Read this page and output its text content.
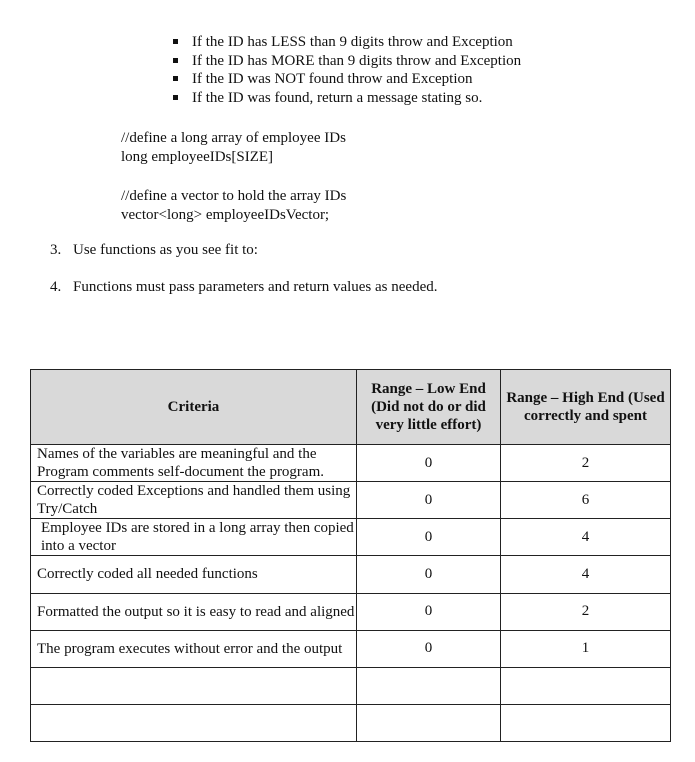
If the ID has LESS than 9 digits throw and Exception
If the ID has MORE than 9 digits throw and Exception
If the ID was NOT found throw and Exception
If the ID was found, return a message stating so.
//define a long array of employee IDs
long employeeIDs[SIZE]
//define a vector to hold the array IDs
vector<long> employeeIDsVector;
3. Use functions as you see fit to:
4. Functions must pass parameters and return values as needed.
Criteria	Range – Low End (Did not do or did very little effort)	Range – High End (Used correctly and spent
Names of the variables are meaningful and the Program comments self-document the program.	0	2
Correctly coded Exceptions and handled them using Try/Catch	0	6
Employee IDs are stored in a long array then copied into a vector	0	4
Correctly coded all needed functions	0	4
Formatted the output so it is easy to read and aligned	0	2
The program executes without error and the output	0	1
